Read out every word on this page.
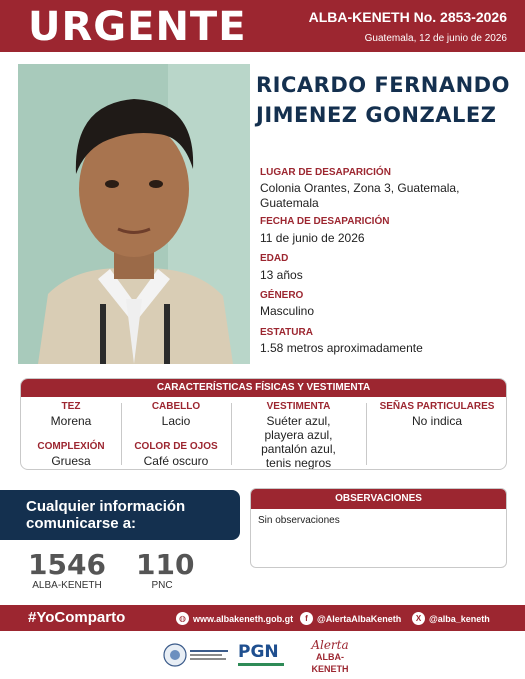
URGENTE	ALBA-KENETH No. 2853-2026
Guatemala, 12 de junio de 2026
RICARDO FERNANDO
JIMENEZ GONZALEZ
LUGAR DE DESAPARICIÓN
Colonia Orantes, Zona 3, Guatemala,
Guatemala
FECHA DE DESAPARICIÓN
11 de junio de 2026
EDAD
13 años
GÉNERO
Masculino
ESTATURA
1.58 metros aproximadamente
CARACTERÍSTICAS FÍSICAS Y VESTIMENTA
TEZ
Morena
COMPLEXIÓN
Gruesa
CABELLO
Lacio
COLOR DE OJOS
Café oscuro
VESTIMENTA
Suéter azul,
playera azul,
pantalón azul,
tenis negros
SEÑAS PARTICULARES
No indica
Cualquier información
comunicarse a:
1546
ALBA-KENETH
110
PNC
OBSERVACIONES
Sin observaciones
#YoComparto	◍ www.albakeneth.gob.gt	f	@AlertaAlbaKeneth	X @alba_keneth
PGN	Alerta
ALBA-KENETH
